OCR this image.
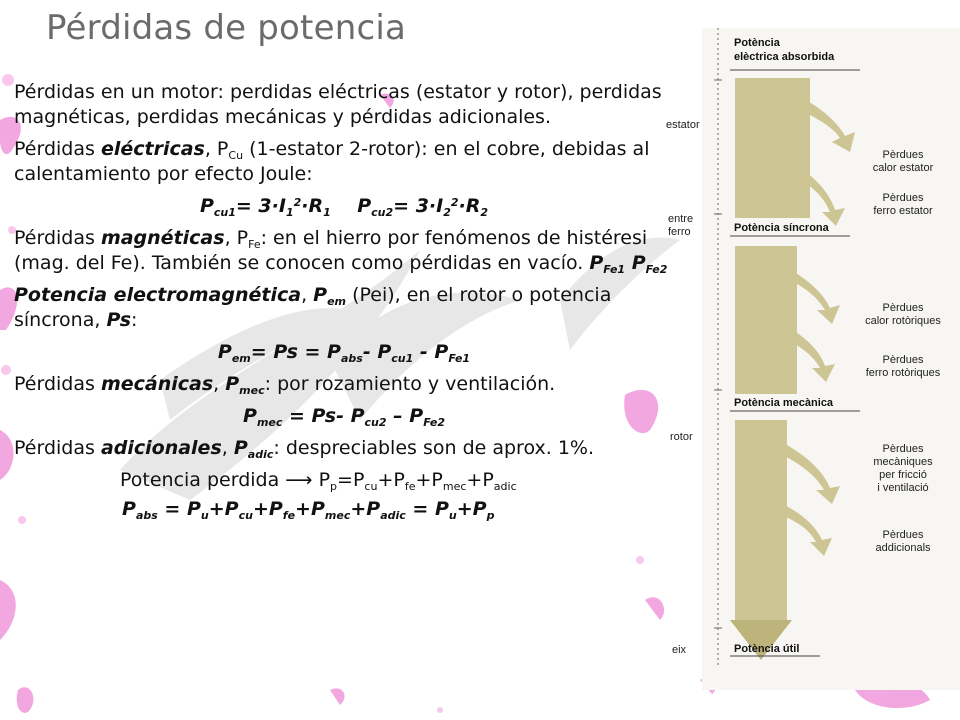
Pérdidas de potencia
Pérdidas en un motor: perdidas eléctricas (estator y rotor), perdidas magnéticas, perdidas mecánicas y pérdidas adicionales.
Pérdidas eléctricas, $P_{Cu}$ (1-estator 2-rotor): en el cobre, debidas al calentamiento por efecto Joule:
$P_{cu1}= 3\cdot I_1^2\cdot R_1$    $P_{cu2}= 3\cdot I_2^2\cdot R_2$
Pérdidas magnéticas, $P_{Fe}$: en el hierro por fenómenos de histéresi (mag. del Fe). También se conocen como pérdidas en vacío. $P_{Fe1}$ $P_{Fe2}$
Potencia electromagnética, $P_{em}$ (Pei), en el rotor o potencia síncrona, Ps:
$P_{em}= Ps = P_{abs}-$ $P_{cu1} - P_{Fe1}$
Pérdidas mecánicas, $P_{mec}$: por rozamiento y ventilación.
$P_{mec} = Ps-$ $P_{cu2} - P_{Fe2}$
Pérdidas adicionales, $P_{adic}$: despreciables son de aprox. 1%.
Potencia perdida ⟶ $P_p=P_{cu}+P_{fe}+P_{mec}+P_{adic}$
$P_{abs} = P_u+P_{cu}+P_{fe}+P_{mec}+P_{adic} = P_u+P_p$
Potència
elèctrica absorbida
Potència síncrona
Potència mecànica
Potència útil
estator
entre
ferro
rotor
eix
Pèrdues
calor estator
Pèrdues
ferro estator
Pèrdues
calor rotòriques
Pèrdues
ferro rotòriques
Pèrdues
mecàniques
per fricció
i ventilació
Pèrdues
addicionals
